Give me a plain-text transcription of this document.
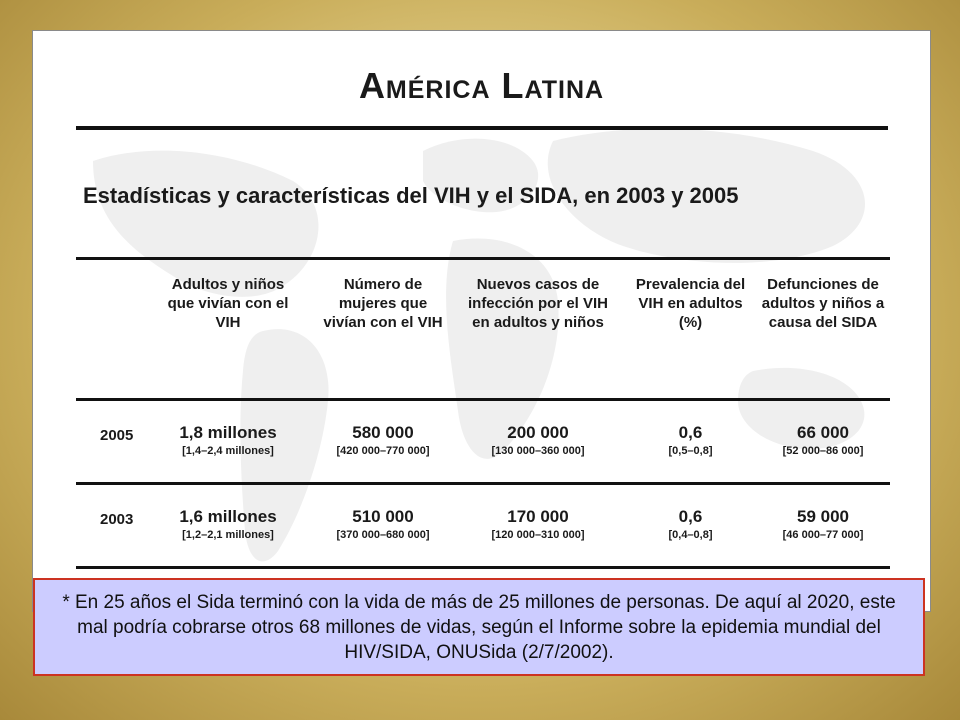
América Latina
Estadísticas y características del VIH y el SIDA, en 2003 y 2005
Adultos y niños que vivían con el VIH
Número de mujeres que vivían con el VIH
Nuevos casos de infección por el VIH en adultos y niños
Prevalencia del VIH en adultos (%)
Defunciones de adultos y niños a causa del SIDA
2005	1,8 millones
[1,4–2,4 millones]
580 000
[420 000–770 000]
200 000
[130 000–360 000]
0,6
[0,5–0,8]
66 000
[52 000–86 000]
2003	1,6 millones
[1,2–2,1 millones]
510 000
[370 000–680 000]
170 000
[120 000–310 000]
0,6
[0,4–0,8]
59 000
[46 000–77 000]
* En 25 años el Sida terminó con la vida de más de 25 millones de personas. De aquí al 2020, este mal podría cobrarse otros 68 millones de vidas, según el Informe sobre la epidemia mundial del HIV/SIDA, ONUSida (2/7/2002).
